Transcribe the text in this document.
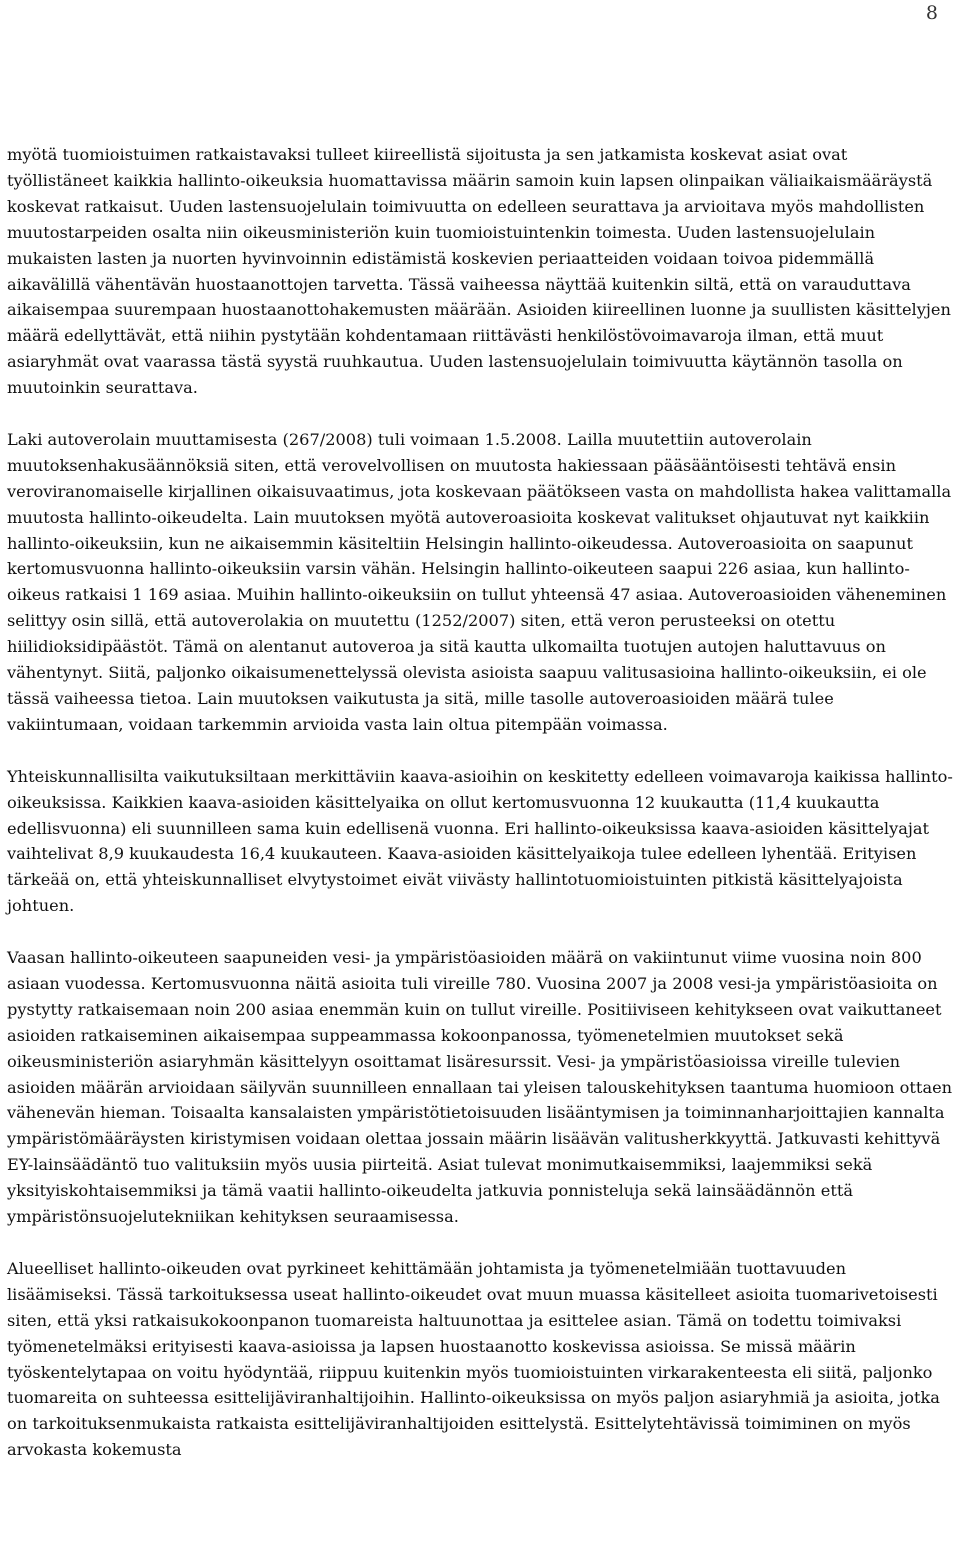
8

myötä tuomioistuimen ratkaistavaksi tulleet kiireellistä sijoitusta ja sen jatkamista koskevat asiat ovat työllistäneet kaikkia hallinto-oikeuksia huomattavissa määrin samoin kuin lapsen olinpaikan väliaikaismääräystä koskevat ratkaisut. Uuden lastensuojelulain toimivuutta on edelleen seurattava ja arvioitava myös mahdollisten muutostarpeiden osalta niin oikeusministeriön kuin tuomioistuintenkin toimesta. Uuden lastensuojelulain mukaisten lasten ja nuorten hyvinvoinnin edistämistä koskevien periaatteiden voidaan toivoa pidemmällä aikavälillä vähentävän huostaanottojen tarvetta. Tässä vaiheessa näyttää kuitenkin siltä, että on varauduttava aikaisempaa suurempaan huostaanottohakemusten määrään. Asioiden kiireellinen luonne ja suullisten käsittelyjen määrä edellyttävät, että niihin pystytään kohdentamaan riittävästi henkilöstövoimavaroja ilman, että muut asiaryhmät ovat vaarassa tästä syystä ruuhkautua. Uuden lastensuojelulain toimivuutta käytännön tasolla on muutoinkin seurattava.

Laki autoverolain muuttamisesta (267/2008) tuli voimaan 1.5.2008. Lailla muutettiin autoverolain muutoksenhakusäännöksiä siten, että verovelvollisen on muutosta hakiessaan pääsääntöisesti tehtävä ensin veroviranomaiselle kirjallinen oikaisuvaatimus, jota koskevaan päätökseen vasta on mahdollista hakea valittamalla muutosta hallinto-oikeudelta. Lain muutoksen myötä autoveroasioita koskevat valitukset ohjautuvat nyt kaikkiin hallinto-oikeuksiin, kun ne aikaisemmin käsiteltiin Helsingin hallinto-oikeudessa. Autoveroasioita on saapunut kertomusvuonna hallinto-oikeuksiin varsin vähän. Helsingin hallinto-oikeuteen saapui 226 asiaa, kun hallinto-oikeus ratkaisi 1 169 asiaa. Muihin hallinto-oikeuksiin on tullut yhteensä 47 asiaa. Autoveroasioiden väheneminen selittyy osin sillä, että autoverolakia on muutettu (1252/2007) siten, että veron perusteeksi on otettu hiilidioksidipäästöt. Tämä on alentanut autoveroa ja sitä kautta ulkomailta tuotujen autojen haluttavuus on vähentynyt. Siitä, paljonko oikaisumenettelyssä olevista asioista saapuu valitusasioina hallinto-oikeuksiin, ei ole tässä vaiheessa tietoa. Lain muutoksen vaikutusta ja sitä, mille tasolle autoveroasioiden määrä tulee vakiintumaan, voidaan tarkemmin arvioida vasta lain oltua pitempään voimassa.

Yhteiskunnallisilta vaikutuksiltaan merkittäviin kaava-asioihin on keskitetty edelleen voimavaroja kaikissa hallinto-oikeuksissa. Kaikkien kaava-asioiden käsittelyaika on ollut kertomusvuonna 12 kuukautta (11,4 kuukautta edellisvuonna) eli suunnilleen sama kuin edellisenä vuonna. Eri hallinto-oikeuksissa kaava-asioiden käsittelyajat vaihtelivat 8,9 kuukaudesta 16,4 kuukauteen. Kaava-asioiden käsittelyaikoja tulee edelleen lyhentää. Erityisen tärkeää on, että yhteiskunnalliset elvytystoimet eivät viivästy hallintotuomioistuinten pitkistä käsittelyajoista johtuen.

Vaasan hallinto-oikeuteen saapuneiden vesi- ja ympäristöasioiden määrä on vakiintunut viime vuosina noin 800 asiaan vuodessa. Kertomusvuonna näitä asioita tuli vireille 780. Vuosina 2007 ja 2008 vesi-ja ympäristöasioita on pystytty ratkaisemaan noin 200 asiaa enemmän kuin on tullut vireille. Positiiviseen kehitykseen ovat vaikuttaneet asioiden ratkaiseminen aikaisempaa suppeammassa kokoonpanossa, työmenetelmien muutokset sekä oikeusministeriön asiaryhmän käsittelyyn osoittamat lisäresurssit. Vesi- ja ympäristöasioissa vireille tulevien asioiden määrän arvioidaan säilyvän suunnilleen ennallaan tai yleisen talouskehityksen taantuma huomioon ottaen vähenevän hieman. Toisaalta kansalaisten ympäristötietoisuuden lisääntymisen ja toiminnanharjoittajien kannalta ympäristömääräysten kiristymisen voidaan olettaa jossain määrin lisäävän valitusherkkyyttä. Jatkuvasti kehittyvä EY-lainsäädäntö tuo valituksiin myös uusia piirteitä. Asiat tulevat monimutkaisemmiksi, laajemmiksi sekä yksityiskohtaisemmiksi ja tämä vaatii hallinto-oikeudelta jatkuvia ponnisteluja sekä lainsäädännön että ympäristönsuojelutekniikan kehityksen seuraamisessa.

Alueelliset hallinto-oikeuden ovat pyrkineet kehittämään johtamista ja työmenetelmiään tuottavuuden lisäämiseksi. Tässä tarkoituksessa useat hallinto-oikeudet ovat muun muassa käsitelleet asioita tuomarivetoisesti siten, että yksi ratkaisukokoonpanon tuomareista haltuunottaa ja esittelee asian. Tämä on todettu toimivaksi työmenetelmäksi erityisesti kaava-asioissa ja lapsen huostaanotto koskevissa asioissa. Se missä määrin työskentelytapaa on voitu hyödyntää, riippuu kuitenkin myös tuomioistuinten virkarakenteesta eli siitä, paljonko tuomareita on suhteessa esittelijäviranhaltijoihin. Hallinto-oikeuksissa on myös paljon asiaryhmiä ja asioita, jotka on tarkoituksenmukaista ratkaista esittelijäviranhaltijoiden esittelystä. Esittelytehtävissä toimiminen on myös arvokasta kokemusta
